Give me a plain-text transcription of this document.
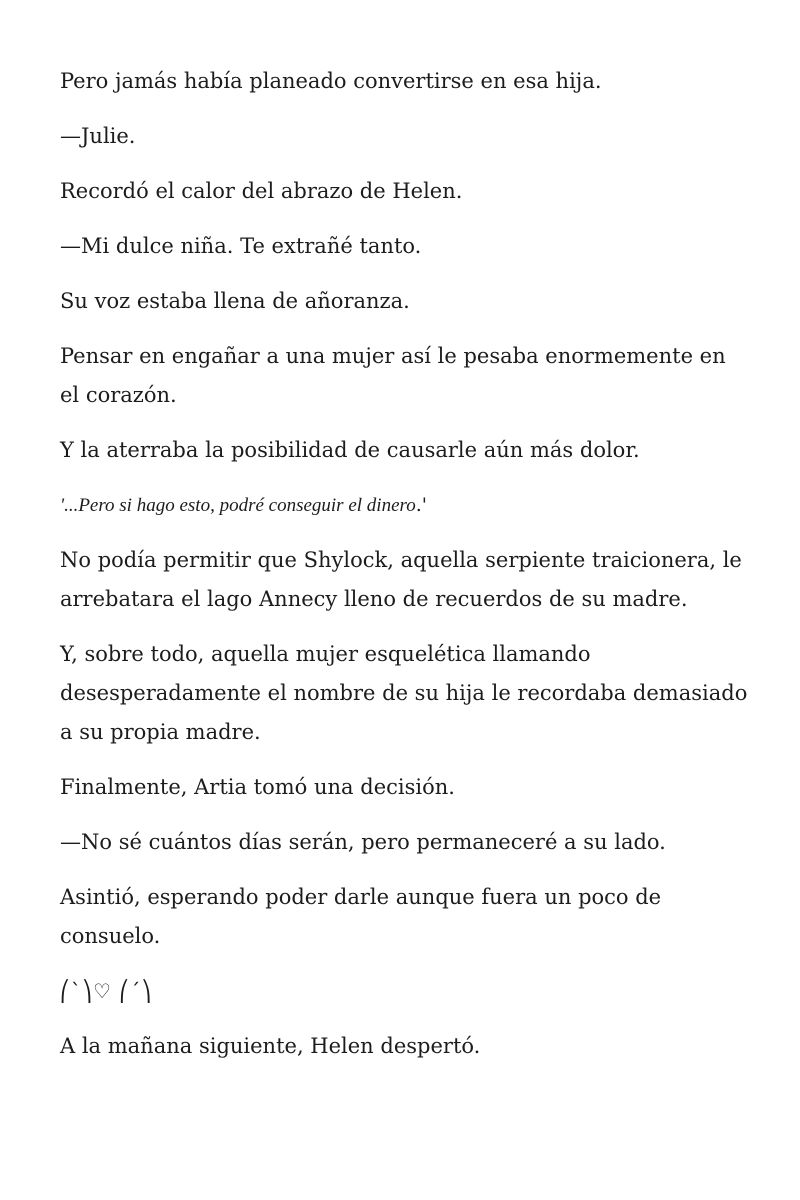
Pero jamás había planeado convertirse en esa hija.

—Julie.

Recordó el calor del abrazo de Helen.

—Mi dulce niña. Te extrañé tanto.

Su voz estaba llena de añoranza.

Pensar en engañar a una mujer así le pesaba enormemente en el corazón.

Y la aterraba la posibilidad de causarle aún más dolor.

'...Pero si hago esto, podré conseguir el dinero.'

No podía permitir que Shylock, aquella serpiente traicionera, le arrebatara el lago Annecy lleno de recuerdos de su madre.

Y, sobre todo, aquella mujer esquelética llamando desesperadamente el nombre de su hija le recordaba demasiado a su propia madre.

Finalmente, Artia tomó una decisión.

—No sé cuántos días serán, pero permaneceré a su lado.

Asintió, esperando poder darle aunque fuera un poco de consuelo.

⎛`⎞♡ ⎛´⎞

A la mañana siguiente, Helen despertó.
